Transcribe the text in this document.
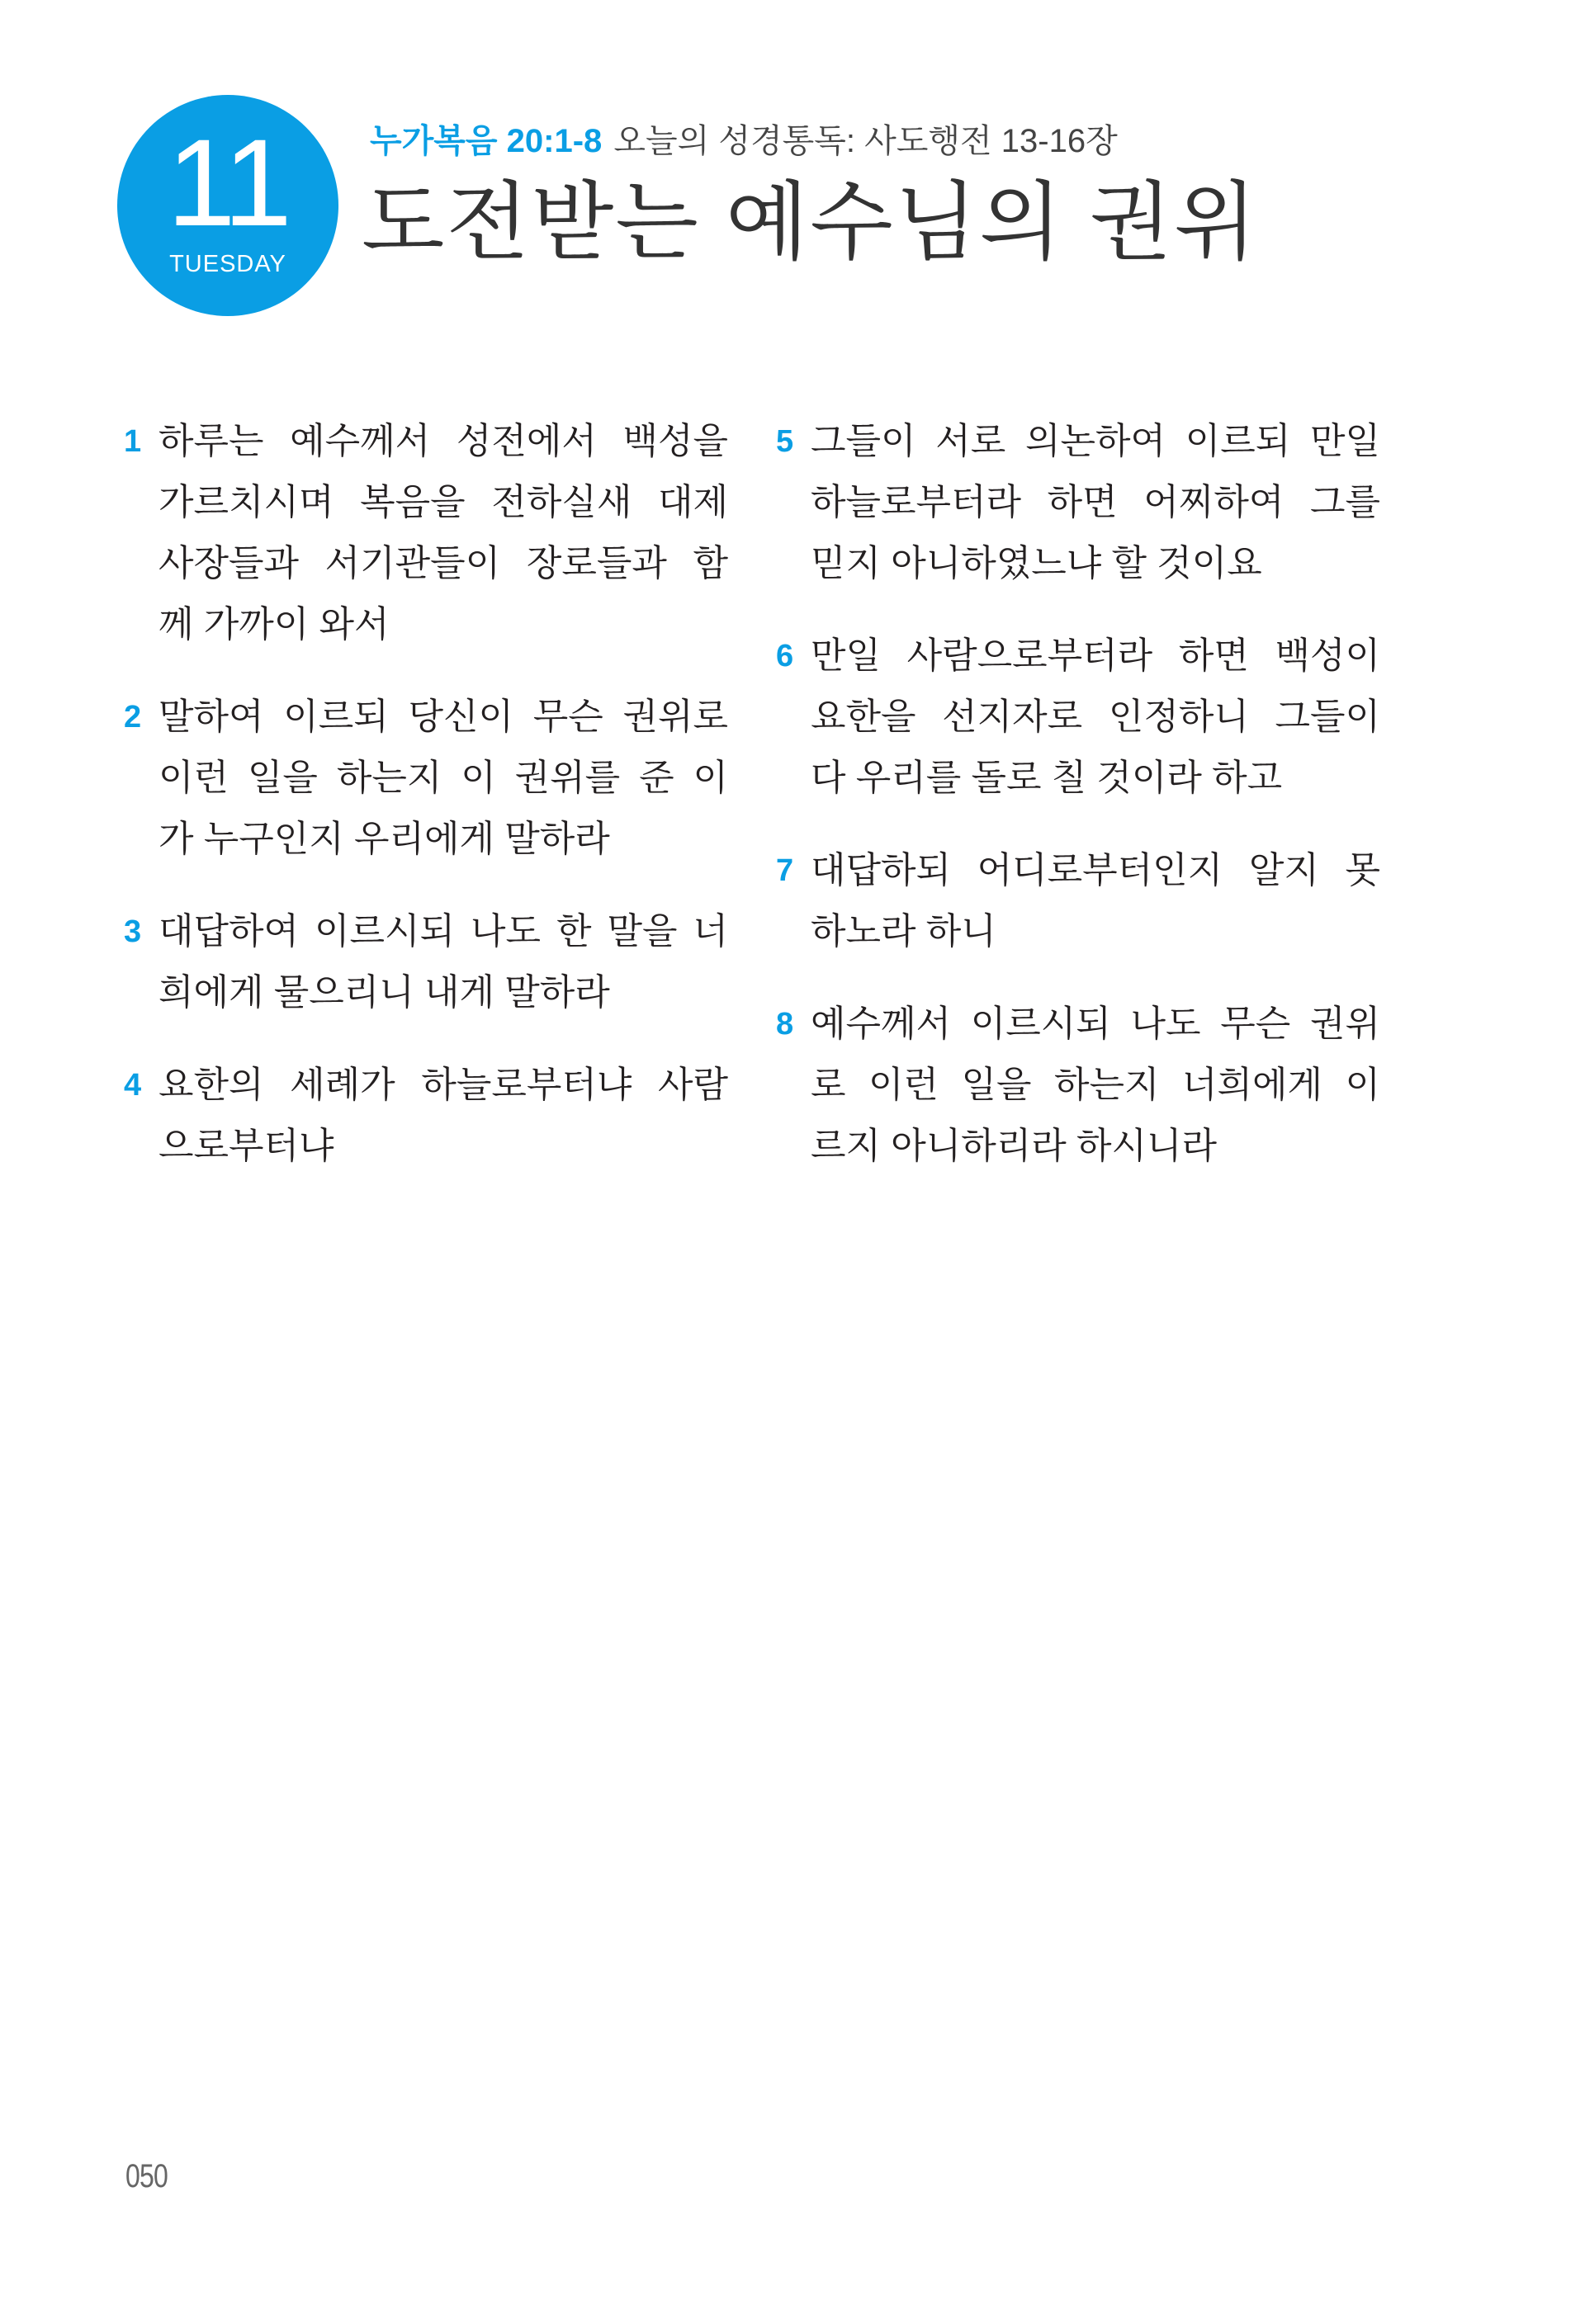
11
TUESDAY
누가복음 20:1-8 오늘의 성경통독: 사도행전 13-16장
도전받는 예수님의 권위
1 하루는 예수께서 성전에서 백성을
가르치시며 복음을 전하실새 대제
사장들과 서기관들이 장로들과 함
께 가까이 와서
2 말하여 이르되 당신이 무슨 권위로
이런 일을 하는지 이 권위를 준 이
가 누구인지 우리에게 말하라
3 대답하여 이르시되 나도 한 말을 너
희에게 물으리니 내게 말하라
4 요한의 세례가 하늘로부터냐 사람
으로부터냐
5 그들이 서로 의논하여 이르되 만일
하늘로부터라 하면 어찌하여 그를
믿지 아니하였느냐 할 것이요
6 만일 사람으로부터라 하면 백성이
요한을 선지자로 인정하니 그들이
다 우리를 돌로 칠 것이라 하고
7 대답하되 어디로부터인지 알지 못
하노라 하니
8 예수께서 이르시되 나도 무슨 권위
로 이런 일을 하는지 너희에게 이
르지 아니하리라 하시니라
050
